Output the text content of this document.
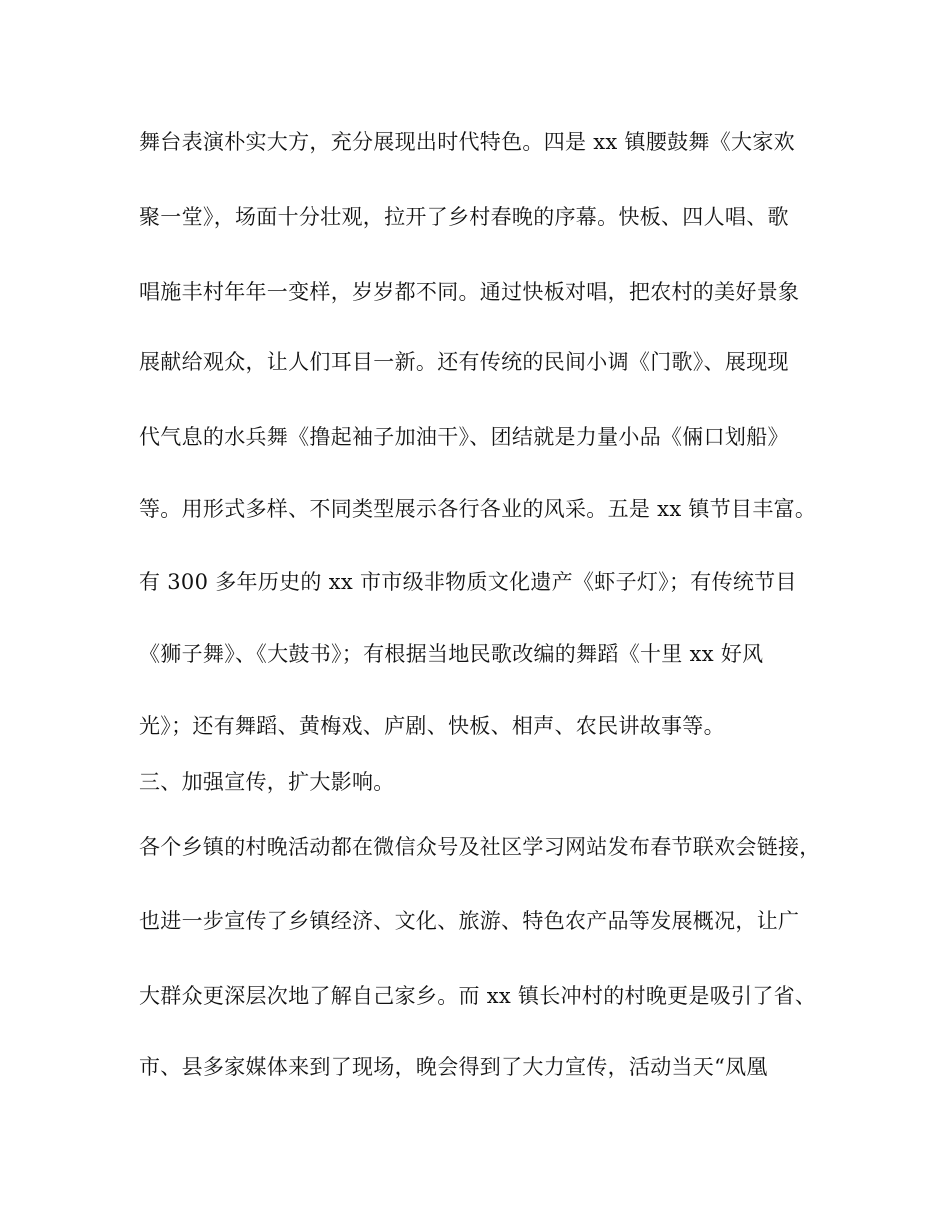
舞台表演朴实大方，充分展现出时代特色。四是 xx 镇腰鼓舞《大家欢
聚一堂》，场面十分壮观，拉开了乡村春晚的序幕。快板、四人唱、歌
唱施丰村年年一变样，岁岁都不同。通过快板对唱，把农村的美好景象
展献给观众，让人们耳目一新。还有传统的民间小调《门歌》、展现现
代气息的水兵舞《撸起袖子加油干》、团结就是力量小品《倆口划船》
等。用形式多样、不同类型展示各行各业的风采。五是 xx 镇节目丰富。
有 300 多年历史的 xx 市市级非物质文化遗产《虾子灯》；有传统节目
《狮子舞》、《大鼓书》；有根据当地民歌改编的舞蹈《十里 xx 好风
光》；还有舞蹈、黄梅戏、庐剧、快板、相声、农民讲故事等。
三、加强宣传，扩大影响。
各个乡镇的村晚活动都在微信众号及社区学习网站发布春节联欢会链接，
也进一步宣传了乡镇经济、文化、旅游、特色农产品等发展概况，让广
大群众更深层次地了解自己家乡。而 xx 镇长冲村的村晚更是吸引了省、
市、县多家媒体来到了现场，晚会得到了大力宣传，活动当天“凤凰
